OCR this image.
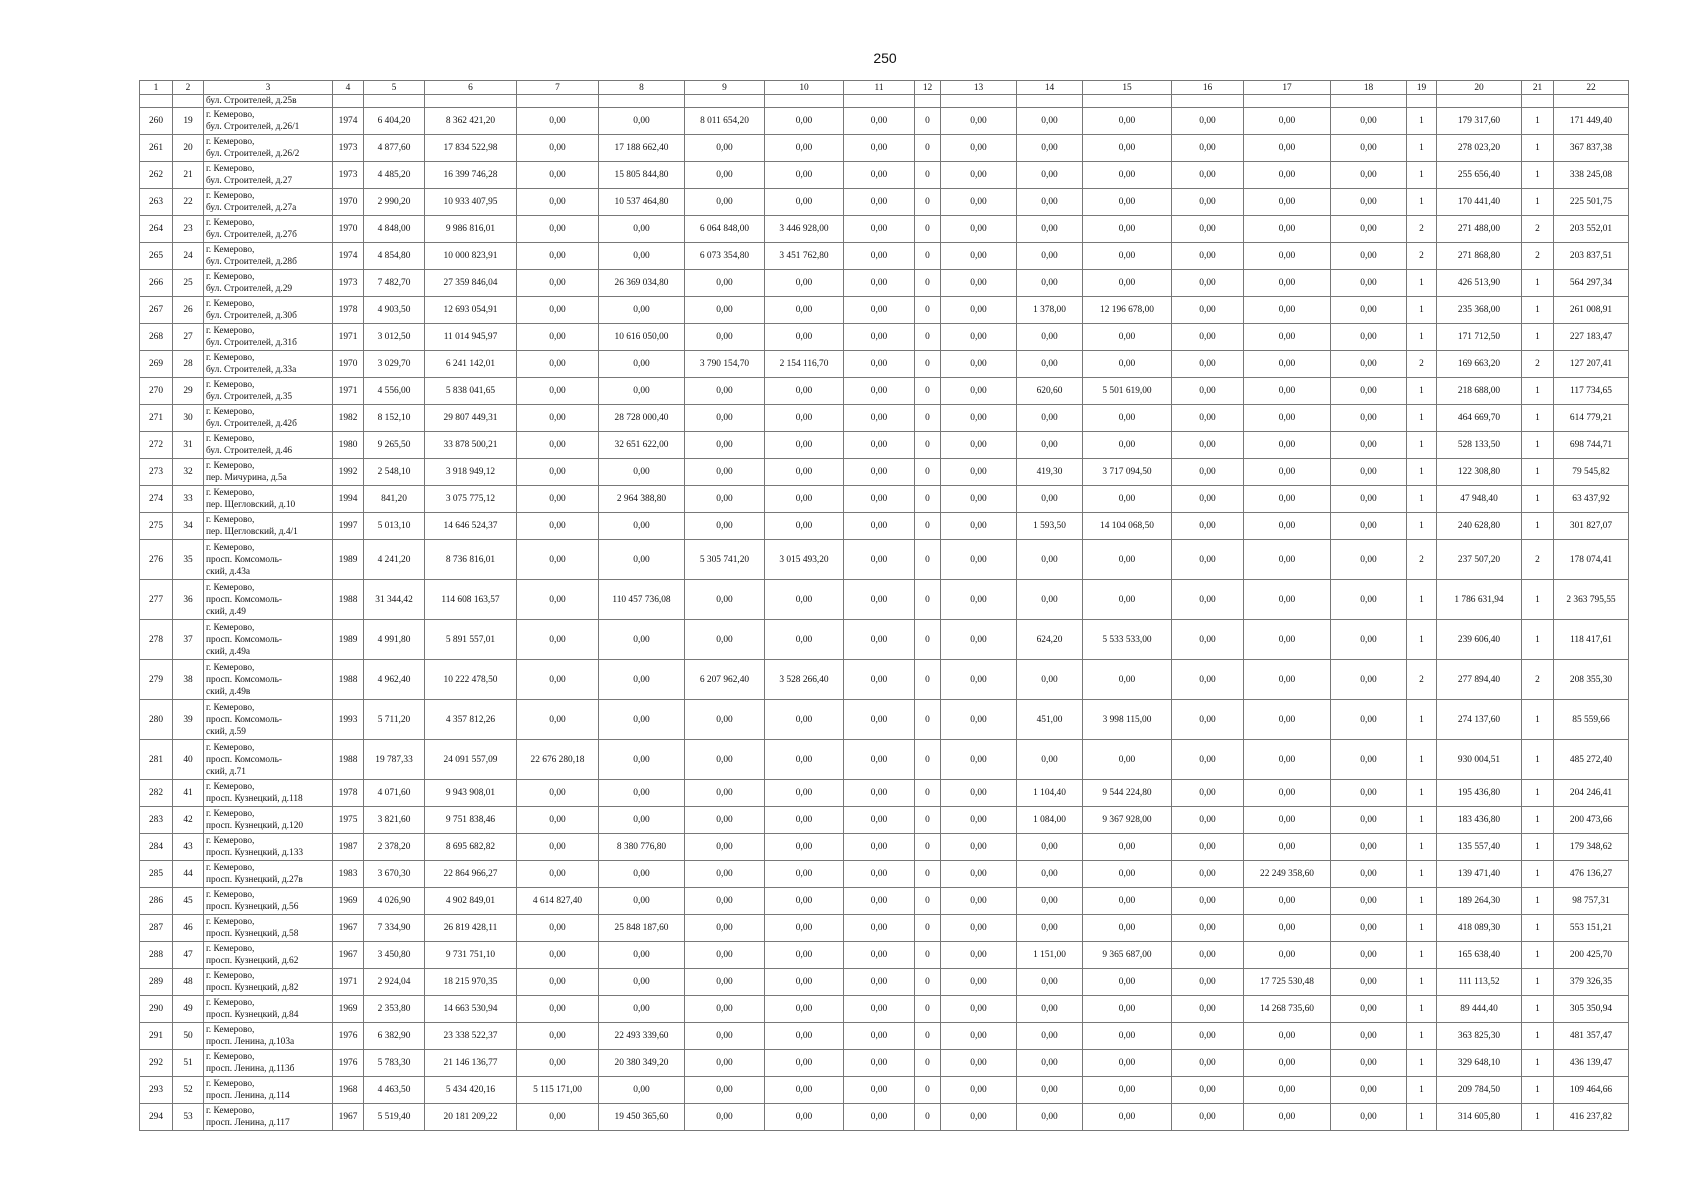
250
1	2	3	4	5	6	7	8	9	10	11	12	13	14	15	16	17	18	19	20	21	22
		бул. Строителей, д.25в																			
260	19	г. Кемерово,
бул. Строителей, д.26/1	1974	6 404,20	8 362 421,20	0,00	0,00	8 011 654,20	0,00	0,00	0	0,00	0,00	0,00	0,00	0,00	0,00	1	179 317,60	1	171 449,40
261	20	г. Кемерово,
бул. Строителей, д.26/2	1973	4 877,60	17 834 522,98	0,00	17 188 662,40	0,00	0,00	0,00	0	0,00	0,00	0,00	0,00	0,00	0,00	1	278 023,20	1	367 837,38
262	21	г. Кемерово,
бул. Строителей, д.27	1973	4 485,20	16 399 746,28	0,00	15 805 844,80	0,00	0,00	0,00	0	0,00	0,00	0,00	0,00	0,00	0,00	1	255 656,40	1	338 245,08
263	22	г. Кемерово,
бул. Строителей, д.27а	1970	2 990,20	10 933 407,95	0,00	10 537 464,80	0,00	0,00	0,00	0	0,00	0,00	0,00	0,00	0,00	0,00	1	170 441,40	1	225 501,75
264	23	г. Кемерово,
бул. Строителей, д.27б	1970	4 848,00	9 986 816,01	0,00	0,00	6 064 848,00	3 446 928,00	0,00	0	0,00	0,00	0,00	0,00	0,00	0,00	2	271 488,00	2	203 552,01
265	24	г. Кемерово,
бул. Строителей, д.28б	1974	4 854,80	10 000 823,91	0,00	0,00	6 073 354,80	3 451 762,80	0,00	0	0,00	0,00	0,00	0,00	0,00	0,00	2	271 868,80	2	203 837,51
266	25	г. Кемерово,
бул. Строителей, д.29	1973	7 482,70	27 359 846,04	0,00	26 369 034,80	0,00	0,00	0,00	0	0,00	0,00	0,00	0,00	0,00	0,00	1	426 513,90	1	564 297,34
267	26	г. Кемерово,
бул. Строителей, д.30б	1978	4 903,50	12 693 054,91	0,00	0,00	0,00	0,00	0,00	0	0,00	1 378,00	12 196 678,00	0,00	0,00	0,00	1	235 368,00	1	261 008,91
268	27	г. Кемерово,
бул. Строителей, д.31б	1971	3 012,50	11 014 945,97	0,00	10 616 050,00	0,00	0,00	0,00	0	0,00	0,00	0,00	0,00	0,00	0,00	1	171 712,50	1	227 183,47
269	28	г. Кемерово,
бул. Строителей, д.33а	1970	3 029,70	6 241 142,01	0,00	0,00	3 790 154,70	2 154 116,70	0,00	0	0,00	0,00	0,00	0,00	0,00	0,00	2	169 663,20	2	127 207,41
270	29	г. Кемерово,
бул. Строителей, д.35	1971	4 556,00	5 838 041,65	0,00	0,00	0,00	0,00	0,00	0	0,00	620,60	5 501 619,00	0,00	0,00	0,00	1	218 688,00	1	117 734,65
271	30	г. Кемерово,
бул. Строителей, д.42б	1982	8 152,10	29 807 449,31	0,00	28 728 000,40	0,00	0,00	0,00	0	0,00	0,00	0,00	0,00	0,00	0,00	1	464 669,70	1	614 779,21
272	31	г. Кемерово,
бул. Строителей, д.46	1980	9 265,50	33 878 500,21	0,00	32 651 622,00	0,00	0,00	0,00	0	0,00	0,00	0,00	0,00	0,00	0,00	1	528 133,50	1	698 744,71
273	32	г. Кемерово,
пер. Мичурина, д.5а	1992	2 548,10	3 918 949,12	0,00	0,00	0,00	0,00	0,00	0	0,00	419,30	3 717 094,50	0,00	0,00	0,00	1	122 308,80	1	79 545,82
274	33	г. Кемерово,
пер. Щегловский, д.10	1994	841,20	3 075 775,12	0,00	2 964 388,80	0,00	0,00	0,00	0	0,00	0,00	0,00	0,00	0,00	0,00	1	47 948,40	1	63 437,92
275	34	г. Кемерово,
пер. Щегловский, д.4/1	1997	5 013,10	14 646 524,37	0,00	0,00	0,00	0,00	0,00	0	0,00	1 593,50	14 104 068,50	0,00	0,00	0,00	1	240 628,80	1	301 827,07
276	35	г. Кемерово,
просп. Комсомоль-
ский, д.43а	1989	4 241,20	8 736 816,01	0,00	0,00	5 305 741,20	3 015 493,20	0,00	0	0,00	0,00	0,00	0,00	0,00	0,00	2	237 507,20	2	178 074,41
277	36	г. Кемерово,
просп. Комсомоль-
ский, д.49	1988	31 344,42	114 608 163,57	0,00	110 457 736,08	0,00	0,00	0,00	0	0,00	0,00	0,00	0,00	0,00	0,00	1	1 786 631,94	1	2 363 795,55
278	37	г. Кемерово,
просп. Комсомоль-
ский, д.49а	1989	4 991,80	5 891 557,01	0,00	0,00	0,00	0,00	0,00	0	0,00	624,20	5 533 533,00	0,00	0,00	0,00	1	239 606,40	1	118 417,61
279	38	г. Кемерово,
просп. Комсомоль-
ский, д.49в	1988	4 962,40	10 222 478,50	0,00	0,00	6 207 962,40	3 528 266,40	0,00	0	0,00	0,00	0,00	0,00	0,00	0,00	2	277 894,40	2	208 355,30
280	39	г. Кемерово,
просп. Комсомоль-
ский, д.59	1993	5 711,20	4 357 812,26	0,00	0,00	0,00	0,00	0,00	0	0,00	451,00	3 998 115,00	0,00	0,00	0,00	1	274 137,60	1	85 559,66
281	40	г. Кемерово,
просп. Комсомоль-
ский, д.71	1988	19 787,33	24 091 557,09	22 676 280,18	0,00	0,00	0,00	0,00	0	0,00	0,00	0,00	0,00	0,00	0,00	1	930 004,51	1	485 272,40
282	41	г. Кемерово,
просп. Кузнецкий, д.118	1978	4 071,60	9 943 908,01	0,00	0,00	0,00	0,00	0,00	0	0,00	1 104,40	9 544 224,80	0,00	0,00	0,00	1	195 436,80	1	204 246,41
283	42	г. Кемерово,
просп. Кузнецкий, д.120	1975	3 821,60	9 751 838,46	0,00	0,00	0,00	0,00	0,00	0	0,00	1 084,00	9 367 928,00	0,00	0,00	0,00	1	183 436,80	1	200 473,66
284	43	г. Кемерово,
просп. Кузнецкий, д.133	1987	2 378,20	8 695 682,82	0,00	8 380 776,80	0,00	0,00	0,00	0	0,00	0,00	0,00	0,00	0,00	0,00	1	135 557,40	1	179 348,62
285	44	г. Кемерово,
просп. Кузнецкий, д.27в	1983	3 670,30	22 864 966,27	0,00	0,00	0,00	0,00	0,00	0	0,00	0,00	0,00	0,00	22 249 358,60	0,00	1	139 471,40	1	476 136,27
286	45	г. Кемерово,
просп. Кузнецкий, д.56	1969	4 026,90	4 902 849,01	4 614 827,40	0,00	0,00	0,00	0,00	0	0,00	0,00	0,00	0,00	0,00	0,00	1	189 264,30	1	98 757,31
287	46	г. Кемерово,
просп. Кузнецкий, д.58	1967	7 334,90	26 819 428,11	0,00	25 848 187,60	0,00	0,00	0,00	0	0,00	0,00	0,00	0,00	0,00	0,00	1	418 089,30	1	553 151,21
288	47	г. Кемерово,
просп. Кузнецкий, д.62	1967	3 450,80	9 731 751,10	0,00	0,00	0,00	0,00	0,00	0	0,00	1 151,00	9 365 687,00	0,00	0,00	0,00	1	165 638,40	1	200 425,70
289	48	г. Кемерово,
просп. Кузнецкий, д.82	1971	2 924,04	18 215 970,35	0,00	0,00	0,00	0,00	0,00	0	0,00	0,00	0,00	0,00	17 725 530,48	0,00	1	111 113,52	1	379 326,35
290	49	г. Кемерово,
просп. Кузнецкий, д.84	1969	2 353,80	14 663 530,94	0,00	0,00	0,00	0,00	0,00	0	0,00	0,00	0,00	0,00	14 268 735,60	0,00	1	89 444,40	1	305 350,94
291	50	г. Кемерово,
просп. Ленина, д.103а	1976	6 382,90	23 338 522,37	0,00	22 493 339,60	0,00	0,00	0,00	0	0,00	0,00	0,00	0,00	0,00	0,00	1	363 825,30	1	481 357,47
292	51	г. Кемерово,
просп. Ленина, д.113б	1976	5 783,30	21 146 136,77	0,00	20 380 349,20	0,00	0,00	0,00	0	0,00	0,00	0,00	0,00	0,00	0,00	1	329 648,10	1	436 139,47
293	52	г. Кемерово,
просп. Ленина, д.114	1968	4 463,50	5 434 420,16	5 115 171,00	0,00	0,00	0,00	0,00	0	0,00	0,00	0,00	0,00	0,00	0,00	1	209 784,50	1	109 464,66
294	53	г. Кемерово,
просп. Ленина, д.117	1967	5 519,40	20 181 209,22	0,00	19 450 365,60	0,00	0,00	0,00	0	0,00	0,00	0,00	0,00	0,00	0,00	1	314 605,80	1	416 237,82
